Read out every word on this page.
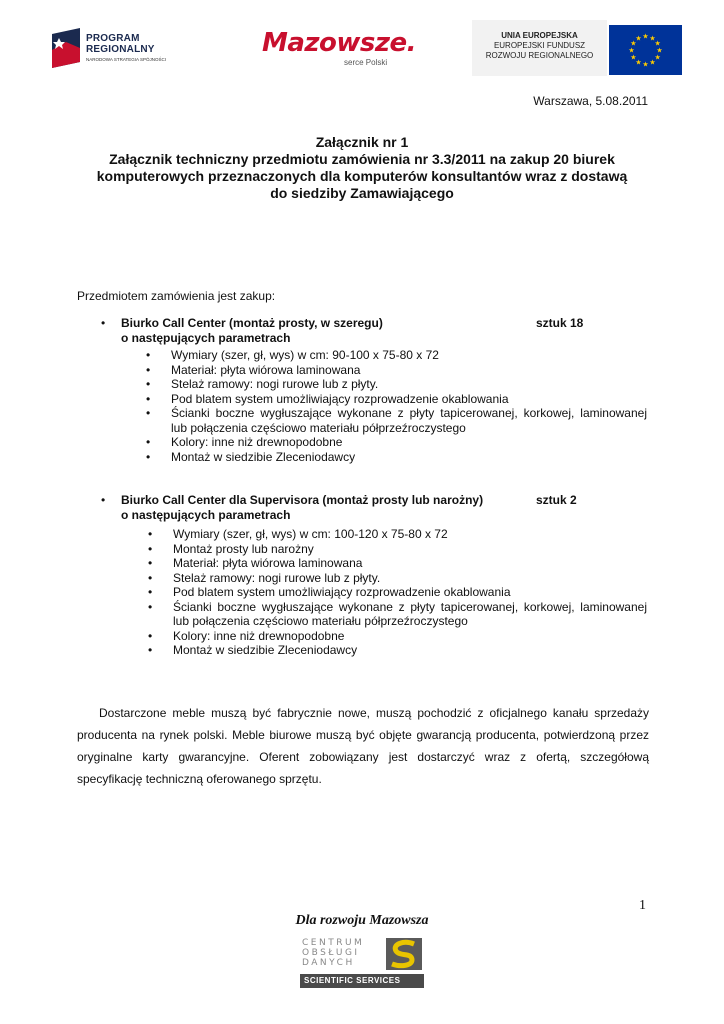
PROGRAM
REGIONALNY
NARODOWA STRATEGIA SPÓJNOŚCI
Mazowsze.
serce Polski
UNIA EUROPEJSKA
EUROPEJSKI FUNDUSZ
ROZWOJU REGIONALNEGO
★ ★
★
★
★
★
★
★
★
★
★
★
Warszawa, 5.08.2011
Załącznik nr 1
Załącznik techniczny przedmiotu zamówienia nr 3.3/2011 na zakup 20 biurek
komputerowych przeznaczonych dla komputerów konsultantów wraz z dostawą
do siedziby Zamawiającego
Przedmiotem zamówienia jest zakup:
• Biurko Call Center (montaż prosty, w szeregu)
o następujących parametrach
sztuk 18
• Wymiary (szer, gł, wys) w cm: 90-100 x 75-80 x 72
• Materiał: płyta wiórowa laminowana
• Stelaż ramowy: nogi rurowe lub z płyty.
• Pod blatem system umożliwiający rozprowadzenie okablowania
• Ścianki boczne wygłuszające wykonane z płyty tapicerowanej, korkowej, laminowanej
lub połączenia częściowo materiału półprzeźroczystego
• Kolory: inne niż drewnopodobne
• Montaż w siedzibie Zleceniodawcy
• Biurko Call Center dla Supervisora (montaż prosty lub narożny)
o następujących parametrach
sztuk 2
• Wymiary (szer, gł, wys) w cm: 100-120 x 75-80 x 72
• Montaż prosty lub narożny
• Materiał: płyta wiórowa laminowana
• Stelaż ramowy: nogi rurowe lub z płyty.
• Pod blatem system umożliwiający rozprowadzenie okablowania
• Ścianki boczne wygłuszające wykonane z płyty tapicerowanej, korkowej, laminowanej
lub połączenia częściowo materiału półprzeźroczystego
• Kolory: inne niż drewnopodobne
• Montaż w siedzibie Zleceniodawcy
Dostarczone meble muszą być fabrycznie nowe, muszą pochodzić z oficjalnego kanału sprzedaży
producenta na rynek polski. Meble biurowe muszą być objęte gwarancją producenta, potwierdzoną przez
oryginalne karty gwarancyjne. Oferent zobowiązany jest dostarczyć wraz z ofertą, szczegółową
specyfikację techniczną oferowanego sprzętu.
1
Dla rozwoju Mazowsza
CENTRUM
OBSŁUGI
DANYCH
SCIENTIFIC SERVICES
